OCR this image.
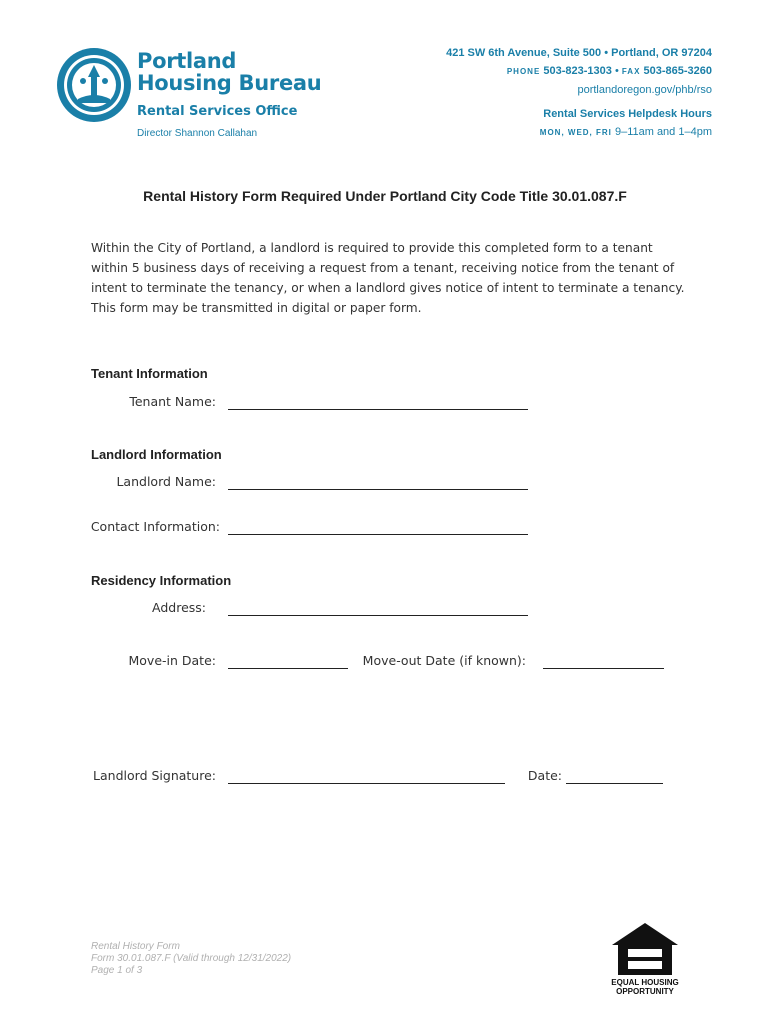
Portland
Housing Bureau
Rental Services Office
Director Shannon Callahan
421 SW 6th Avenue, Suite 500 • Portland, OR 97204
PHONE 503-823-1303 • FAX 503-865-3260
portlandoregon.gov/phb/rso
Rental Services Helpdesk Hours
MON, WED, FRI 9–11am and 1–4pm
Rental History Form Required Under Portland City Code Title 30.01.087.F
Within the City of Portland, a landlord is required to provide this completed form to a tenant
within 5 business days of receiving a request from a tenant, receiving notice from the tenant of
intent to terminate the tenancy, or when a landlord gives notice of intent to terminate a tenancy.
This form may be transmitted in digital or paper form.
Tenant Information
Tenant Name:
Landlord Information
Landlord Name:
Contact Information:
Residency Information
Address:
Move-in Date:	Move-out Date (if known):
Landlord Signature:	Date:
Rental History Form
Form 30.01.087.F (Valid through 12/31/2022)
Page 1 of 3
EQUAL HOUSING
OPPORTUNITY
